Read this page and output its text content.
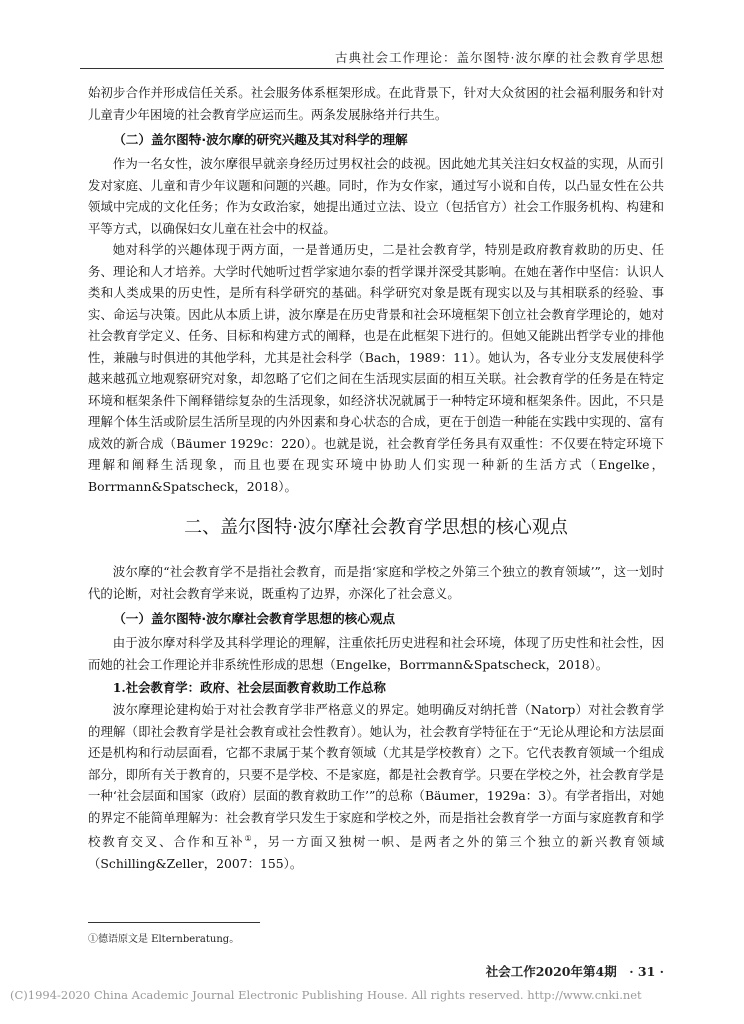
古典社会工作理论：盖尔图特·波尔摩的社会教育学思想

始初步合作并形成信任关系。社会服务体系框架形成。在此背景下，针对大众贫困的社会福利服务和针对儿童青少年困境的社会教育学应运而生。两条发展脉络并行共生。

（二）盖尔图特·波尔摩的研究兴趣及其对科学的理解

作为一名女性，波尔摩很早就亲身经历过男权社会的歧视。因此她尤其关注妇女权益的实现，从而引发对家庭、儿童和青少年议题和问题的兴趣。同时，作为女作家，通过写小说和自传，以凸显女性在公共领域中完成的文化任务；作为女政治家，她提出通过立法、设立（包括官方）社会工作服务机构、构建和平等方式，以确保妇女儿童在社会中的权益。

她对科学的兴趣体现于两方面，一是普通历史，二是社会教育学，特别是政府教育救助的历史、任务、理论和人才培养。大学时代她听过哲学家迪尔泰的哲学课并深受其影响。在她在著作中坚信：认识人类和人类成果的历史性，是所有科学研究的基础。科学研究对象是既有现实以及与其相联系的经验、事实、命运与决策。因此从本质上讲，波尔摩是在历史背景和社会环境框架下创立社会教育学理论的，她对社会教育学定义、任务、目标和构建方式的阐释，也是在此框架下进行的。但她又能跳出哲学专业的排他性，兼融与时俱进的其他学科，尤其是社会科学（Bach，1989：11）。她认为，各专业分支发展使科学越来越孤立地观察研究对象，却忽略了它们之间在生活现实层面的相互关联。社会教育学的任务是在特定环境和框架条件下阐释错综复杂的生活现象，如经济状况就属于一种特定环境和框架条件。因此，不只是理解个体生活或阶层生活所呈现的内外因素和身心状态的合成，更在于创造一种能在实践中实现的、富有成效的新合成（Bäumer 1929c：220）。也就是说，社会教育学任务具有双重性：不仅要在特定环境下理解和阐释生活现象，而且也要在现实环境中协助人们实现一种新的生活方式（Engelke，Borrmann&Spatscheck，2018）。

二、盖尔图特·波尔摩社会教育学思想的核心观点

波尔摩的“社会教育学不是指社会教育，而是指‘家庭和学校之外第三个独立的教育领域’”，这一划时代的论断，对社会教育学来说，既重构了边界，亦深化了社会意义。

（一）盖尔图特·波尔摩社会教育学思想的核心观点

由于波尔摩对科学及其科学理论的理解，注重依托历史进程和社会环境，体现了历史性和社会性，因而她的社会工作理论并非系统性形成的思想（Engelke，Borrmann&Spatscheck，2018）。

1.社会教育学：政府、社会层面教育救助工作总称

波尔摩理论建构始于对社会教育学非严格意义的界定。她明确反对纳托普（Natorp）对社会教育学的理解（即社会教育学是社会教育或社会性教育）。她认为，社会教育学特征在于“无论从理论和方法层面还是机构和行动层面看，它都不隶属于某个教育领域（尤其是学校教育）之下。它代表教育领域一个组成部分，即所有关于教育的，只要不是学校、不是家庭，都是社会教育学。只要在学校之外，社会教育学是一种‘社会层面和国家（政府）层面的教育救助工作’”的总称（Bäumer，1929a：3）。有学者指出，对她的界定不能简单理解为：社会教育学只发生于家庭和学校之外，而是指社会教育学一方面与家庭教育和学校教育交叉、合作和互补①，另一方面又独树一帜、是两者之外的第三个独立的新兴教育领域（Schilling&Zeller，2007：155）。

①德语原文是 Elternberatung。
社会工作2020年第4期　· 31 ·
(C)1994-2020 China Academic Journal Electronic Publishing House. All rights reserved. http://www.cnki.net
